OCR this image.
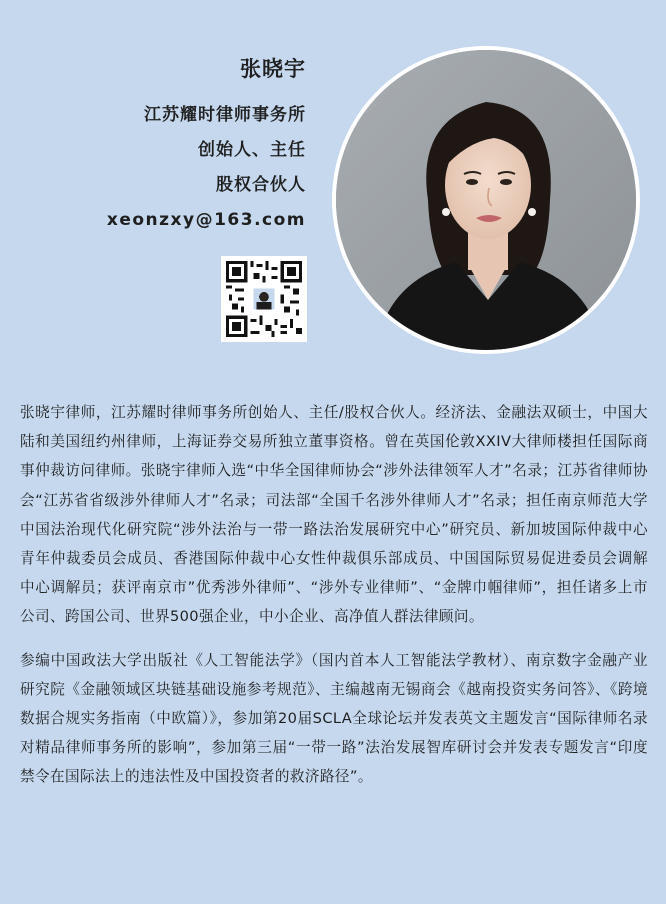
张晓宇
江苏耀时律师事务所
创始人、主任
股权合伙人
xeonzxy@163.com

张晓宇律师，江苏耀时律师事务所创始人、主任/股权合伙人。经济法、金融法双硕士，中国大陆和美国纽约州律师，上海证券交易所独立董事资格。曾在英国伦敦XXIV大律师楼担任国际商事仲裁访问律师。张晓宇律师入选“中华全国律师协会“涉外法律领军人才”名录；江苏省律师协会“江苏省省级涉外律师人才”名录；司法部“全国千名涉外律师人才”名录；担任南京师范大学中国法治现代化研究院“涉外法治与一带一路法治发展研究中心”研究员、新加坡国际仲裁中心青年仲裁委员会成员、香港国际仲裁中心女性仲裁俱乐部成员、中国国际贸易促进委员会调解中心调解员；获评南京市”优秀涉外律师”、“涉外专业律师”、“金牌巾帼律师”，担任诸多上市公司、跨国公司、世界500强企业，中小企业、高净值人群法律顾问。

参编中国政法大学出版社《人工智能法学》（国内首本人工智能法学教材）、南京数字金融产业研究院《金融领域区块链基础设施参考规范》、主编越南无锡商会《越南投资实务问答》、《跨境数据合规实务指南（中欧篇）》，参加第20届SCLA全球论坛并发表英文主题发言“国际律师名录对精品律师事务所的影响”，参加第三届“一带一路”法治发展智库研讨会并发表专题发言“印度禁令在国际法上的违法性及中国投资者的救济路径”。
